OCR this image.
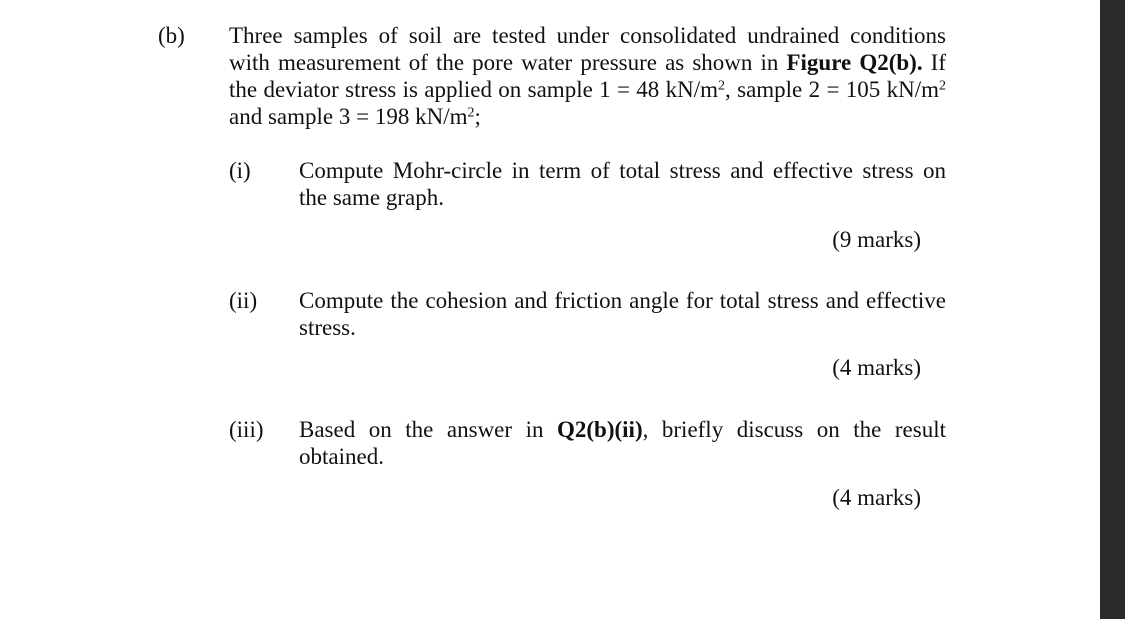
(b) Three samples of soil are tested under consolidated undrained conditions
with measurement of the pore water pressure as shown in Figure Q2(b). If
the deviator stress is applied on sample 1 = 48 $kN/m^2$, sample 2 = 105 $kN/m^2$
and sample 3 = 198 $kN/m^2$;
(i) Compute Mohr-circle in term of total stress and effective stress on
the same graph.
(9 marks)
(ii) Compute the cohesion and friction angle for total stress and effective
stress.
(4 marks)
(iii) Based on the answer in Q2(b)(ii), briefly discuss on the result
obtained.
(4 marks)
